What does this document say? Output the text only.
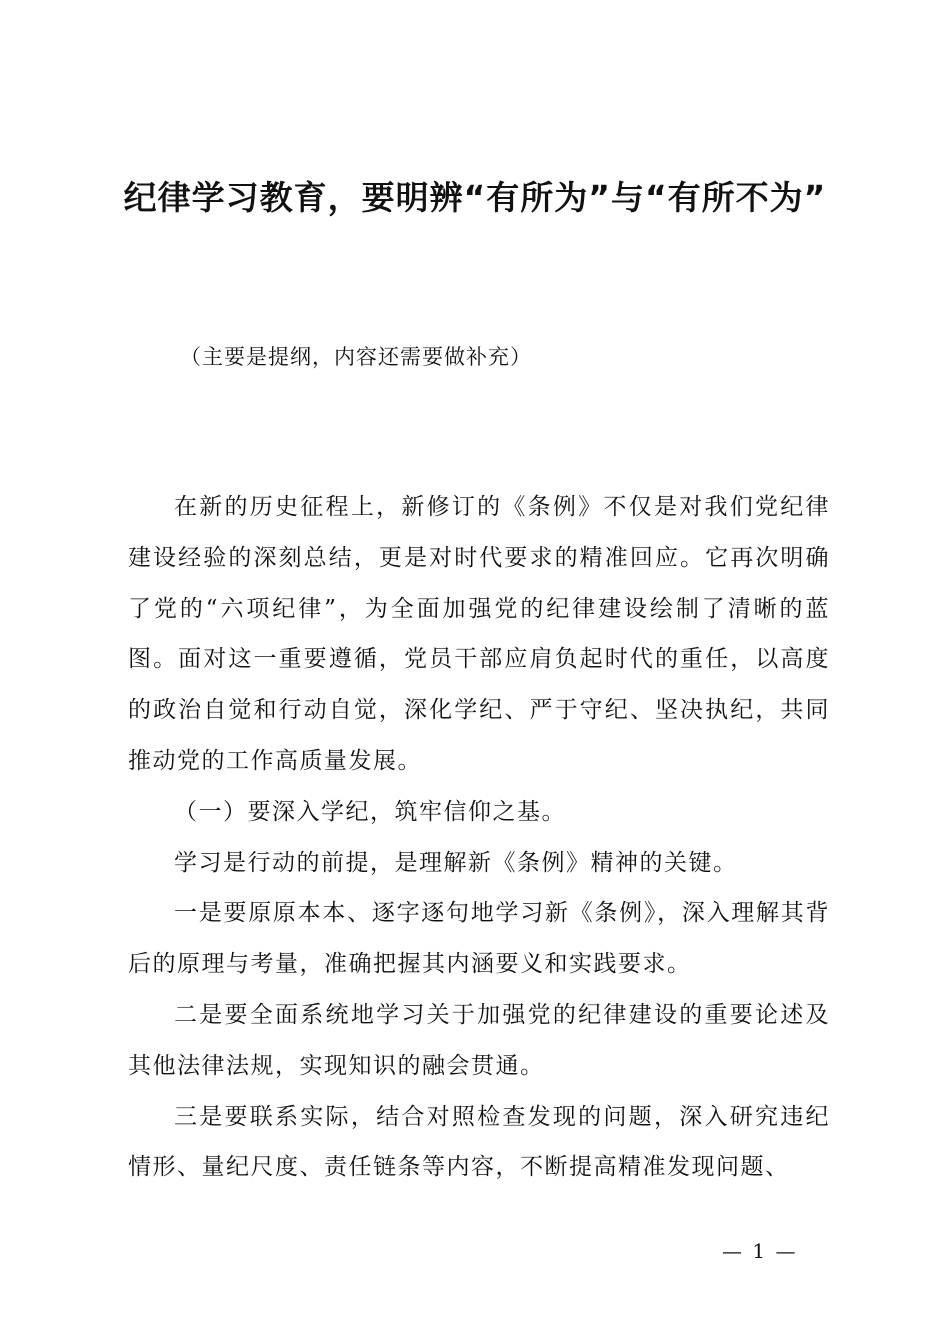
纪律学习教育，要明辨“有所为”与“有所不为”
（主要是提纲，内容还需要做补充）

在新的历史征程上，新修订的《条例》不仅是对我们党纪律建设经验的深刻总结，更是对时代要求的精准回应。它再次明确了党的“六项纪律”，为全面加强党的纪律建设绘制了清晰的蓝图。面对这一重要遵循，党员干部应肩负起时代的重任，以高度的政治自觉和行动自觉，深化学纪、严于守纪、坚决执纪，共同推动党的工作高质量发展。

（一）要深入学纪，筑牢信仰之基。

学习是行动的前提，是理解新《条例》精神的关键。

一是要原原本本、逐字逐句地学习新《条例》，深入理解其背后的原理与考量，准确把握其内涵要义和实践要求。

二是要全面系统地学习关于加强党的纪律建设的重要论述及其他法律法规，实现知识的融会贯通。

三是要联系实际，结合对照检查发现的问题，深入研究违纪情形、量纪尺度、责任链条等内容，不断提高精准发现问题、

— 1 —
